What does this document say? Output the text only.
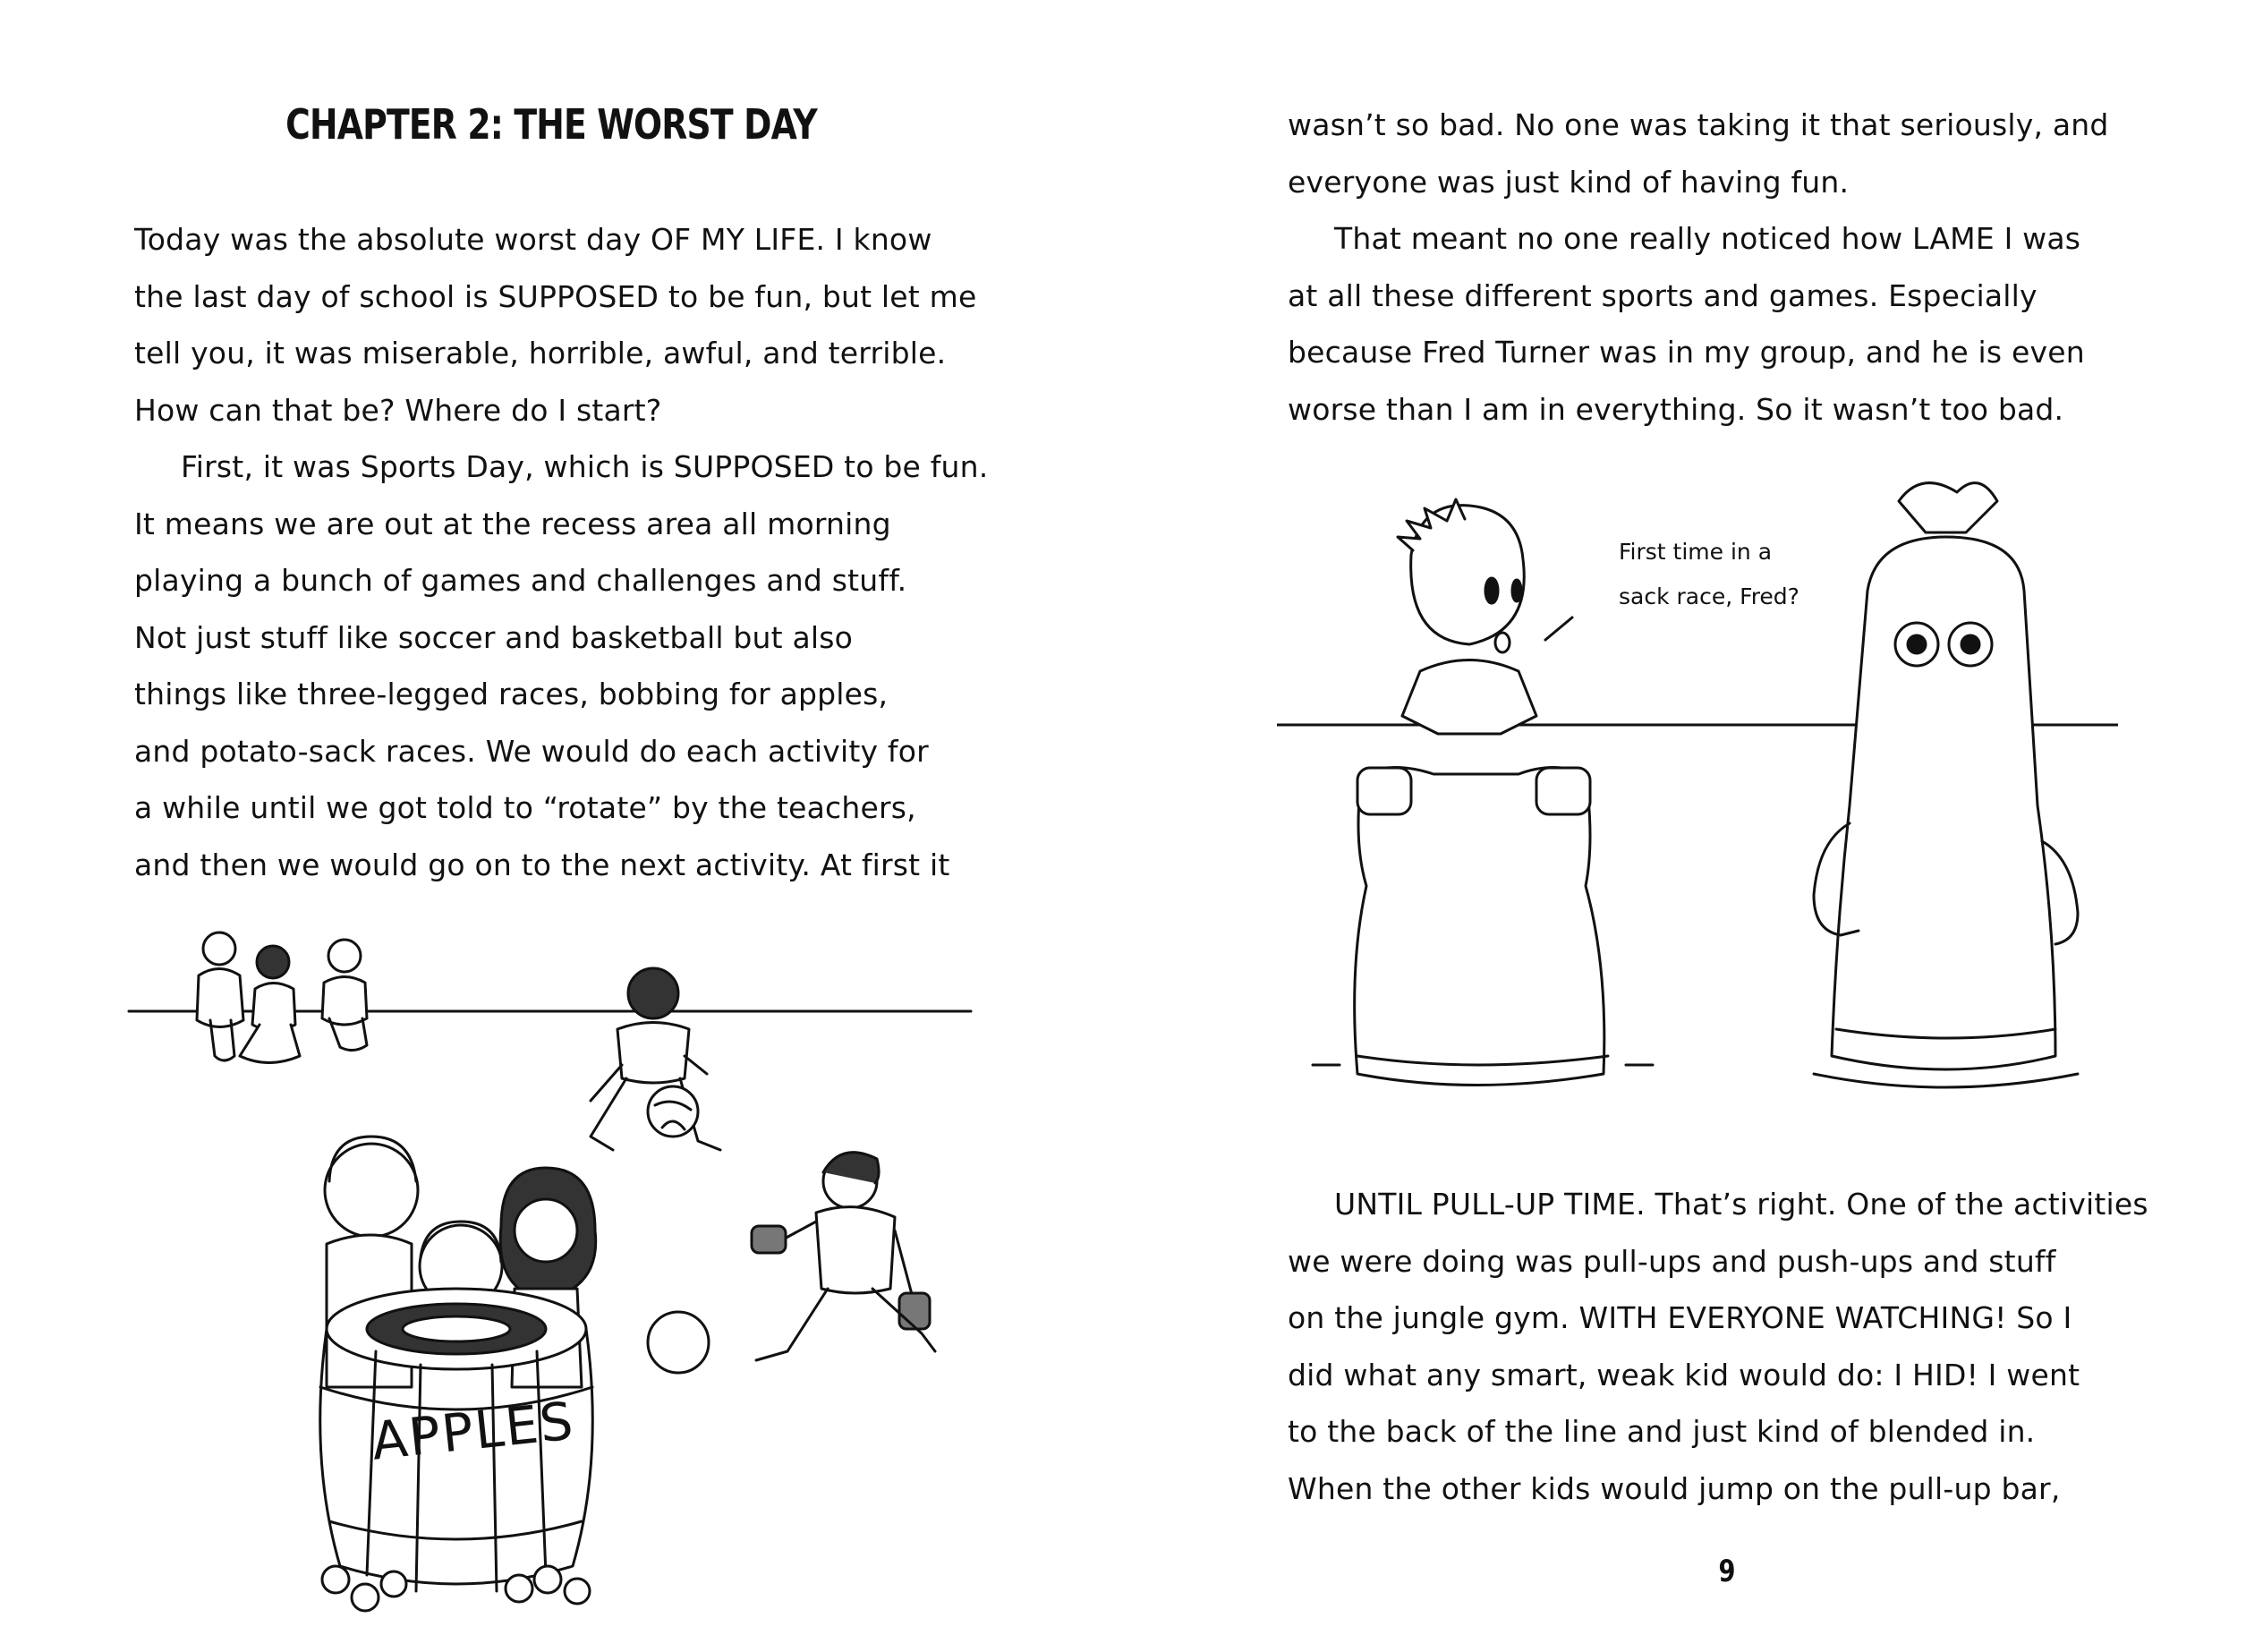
CHAPTER 2: THE WORST DAY

Today was the absolute worst day OF MY LIFE. I know

the last day of school is SUPPOSED to be fun, but let me

tell you, it was miserable, horrible, awful, and terrible.

How can that be? Where do I start?

First, it was Sports Day, which is SUPPOSED to be fun.

It means we are out at the recess area all morning

playing a bunch of games and challenges and stuff.

Not just stuff like soccer and basketball but also

things like three-legged races, bobbing for apples,

and potato-sack races. We would do each activity for

a while until we got told to “rotate” by the teachers,

and then we would go on to the next activity. At first it

APPLES

wasn’t so bad. No one was taking it that seriously, and

everyone was just kind of having fun.

That meant no one really noticed how LAME I was

at all these different sports and games. Especially

because Fred Turner was in my group, and he is even

worse than I am in everything. So it wasn’t too bad.

First time in a
sack race, Fred?

UNTIL PULL-UP TIME. That’s right. One of the activities

we were doing was pull-ups and push-ups and stuff

on the jungle gym. WITH EVERYONE WATCHING! So I

did what any smart, weak kid would do: I HID! I went

to the back of the line and just kind of blended in.

When the other kids would jump on the pull-up bar,

9
